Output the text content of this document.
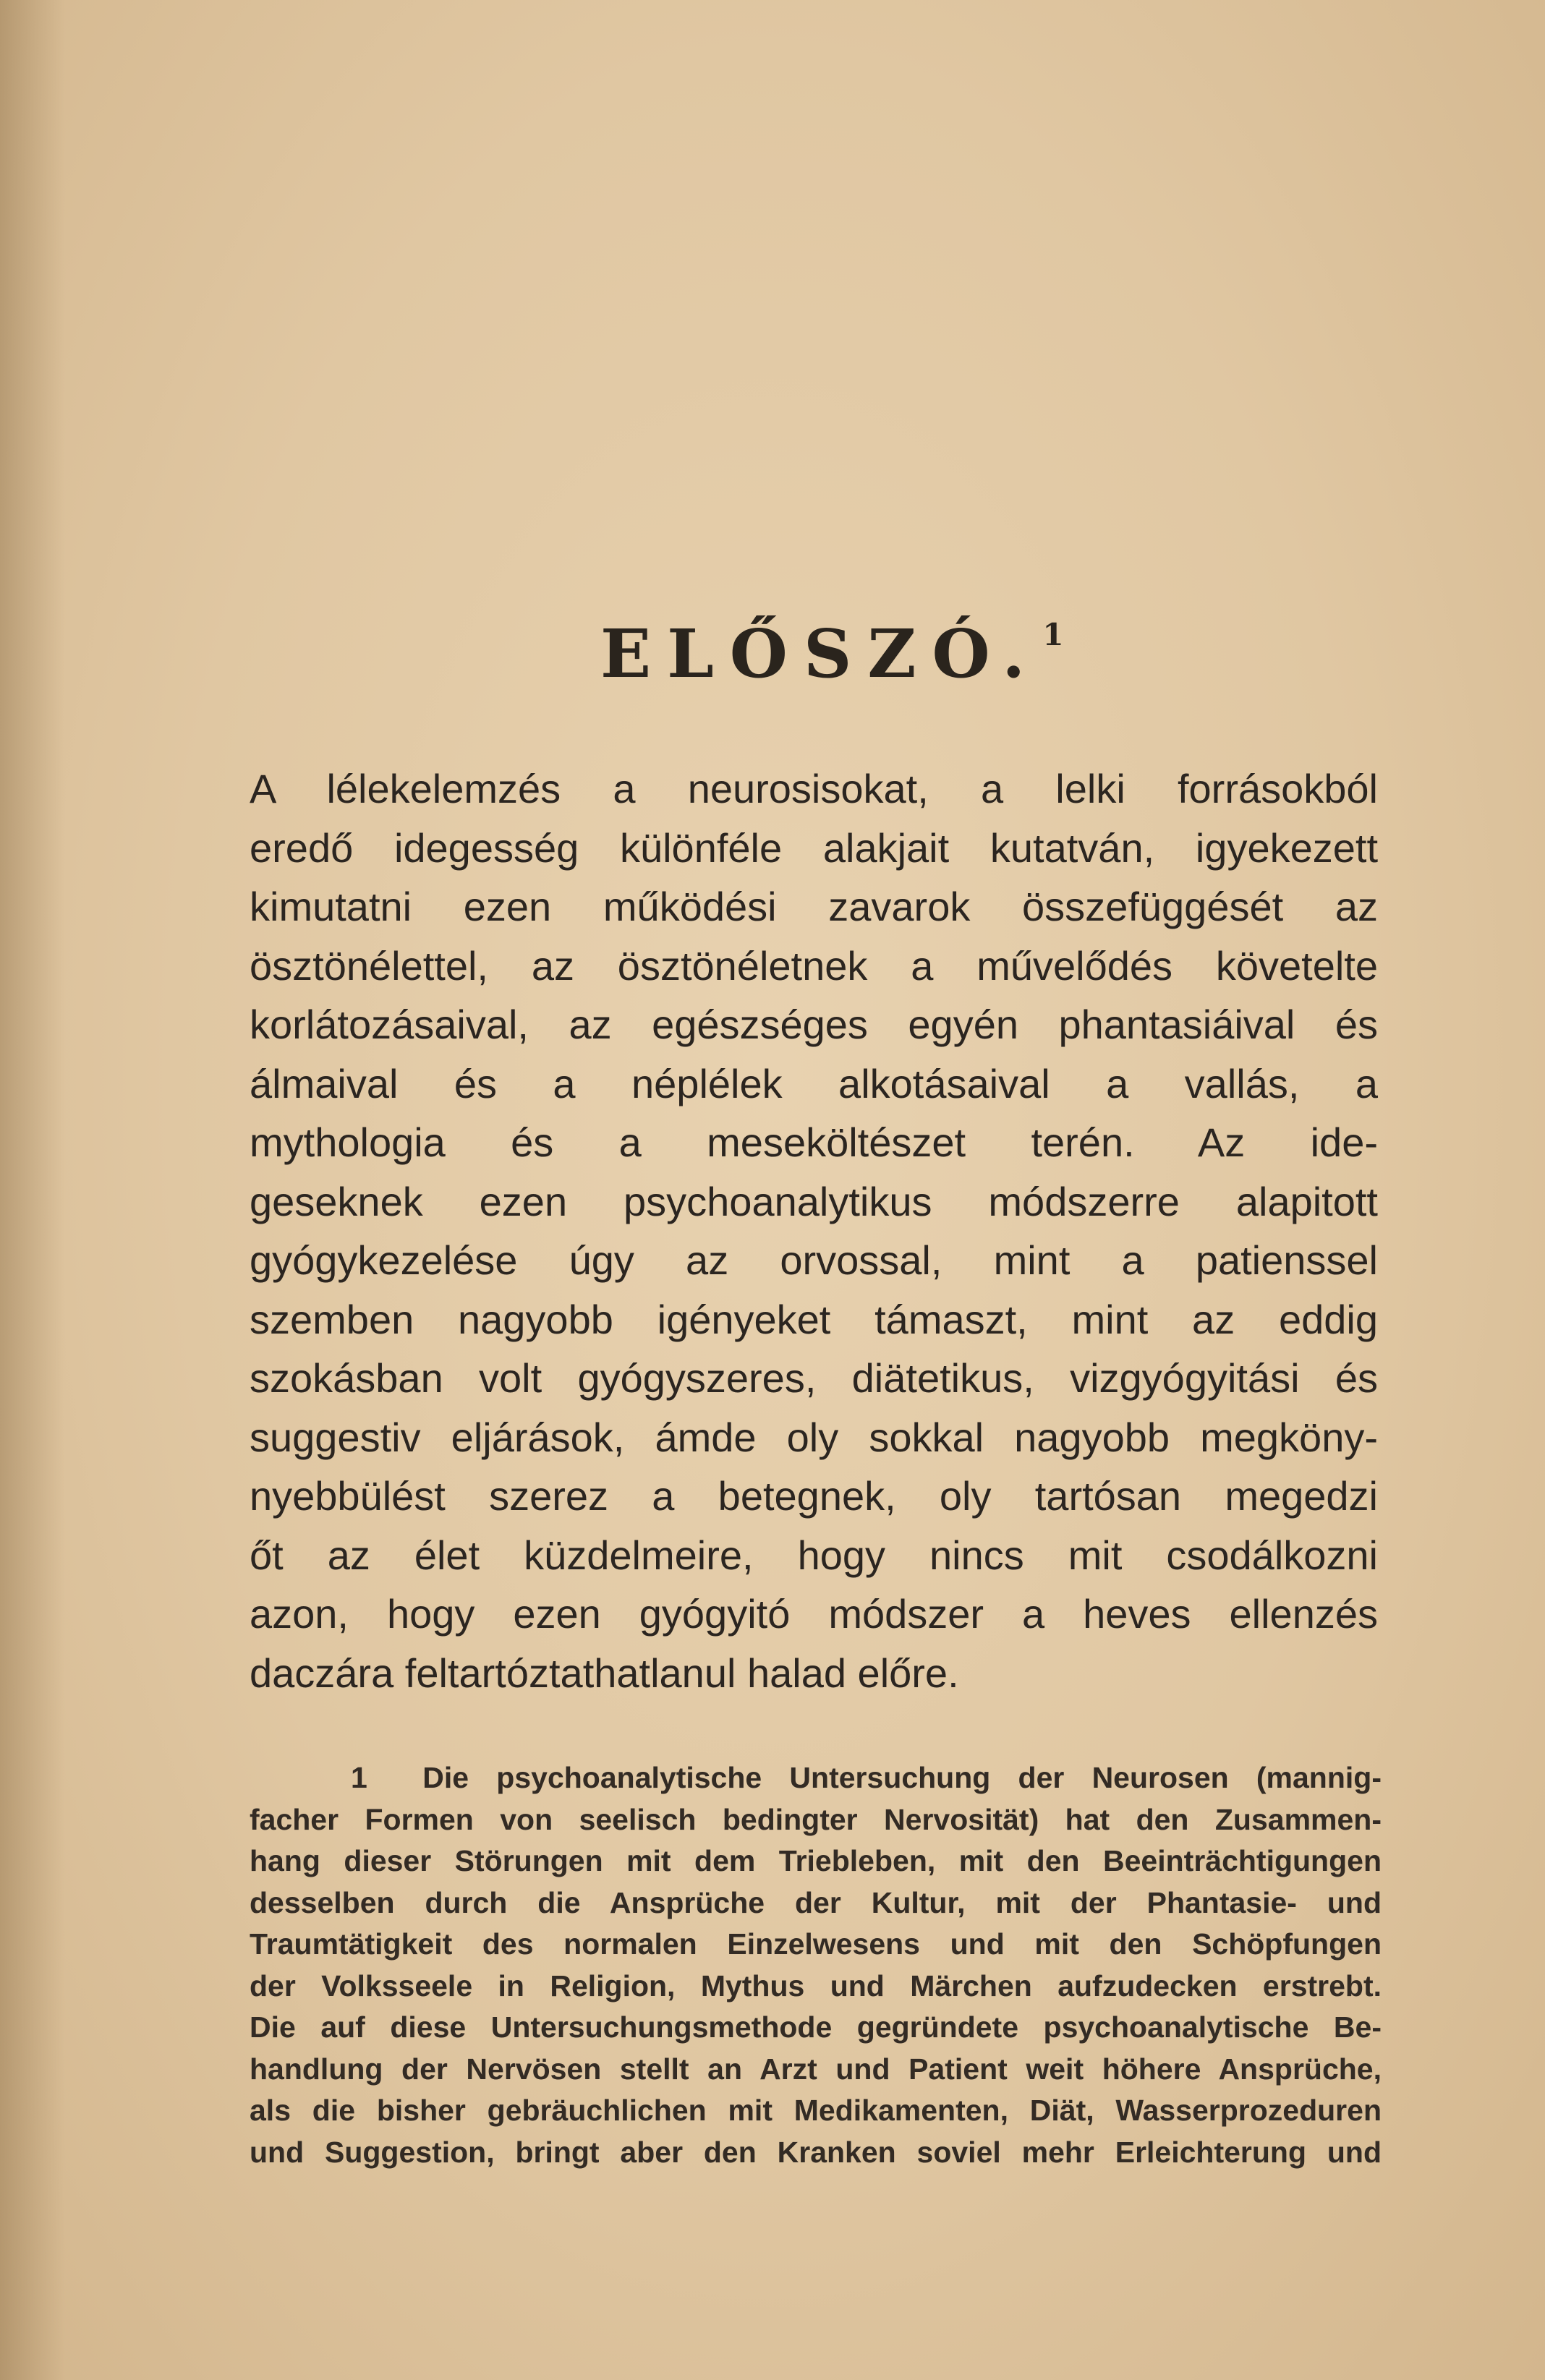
ELŐSZÓ.$^1$
A lélekelemzés a neurosisokat, a lelki forrásokból
eredő idegesség különféle alakjait kutatván, igyekezett
kimutatni ezen működési zavarok összefüggését az
ösztönélettel, az ösztönéletnek a művelődés követelte
korlátozásaival, az egészséges egyén phantasiáival és
álmaival és a néplélek alkotásaival a vallás, a
mythologia és a meseköltészet terén. Az ide-
geseknek ezen psychoanalytikus módszerre alapitott
gyógykezelése úgy az orvossal, mint a patienssel
szemben nagyobb igényeket támaszt, mint az eddig
szokásban volt gyógyszeres, diätetikus, vizgyógyitási és
suggestiv eljárások, ámde oly sokkal nagyobb megköny-
nyebbülést szerez a betegnek, oly tartósan megedzi
őt az élet küzdelmeire, hogy nincs mit csodálkozni
azon, hogy ezen gyógyitó módszer a heves ellenzés
daczára feltartóztathatlanul halad előre.
1 Die psychoanalytische Untersuchung der Neurosen (mannig-
facher Formen von seelisch bedingter Nervosität) hat den Zusammen-
hang dieser Störungen mit dem Triebleben, mit den Beeinträchtigungen
desselben durch die Ansprüche der Kultur, mit der Phantasie- und
Traumtätigkeit des normalen Einzelwesens und mit den Schöpfungen
der Volksseele in Religion, Mythus und Märchen aufzudecken erstrebt.
Die auf diese Untersuchungsmethode gegründete psychoanalytische Be-
handlung der Nervösen stellt an Arzt und Patient weit höhere Ansprüche,
als die bisher gebräuchlichen mit Medikamenten, Diät, Wasserprozeduren
und Suggestion, bringt aber den Kranken soviel mehr Erleichterung und
